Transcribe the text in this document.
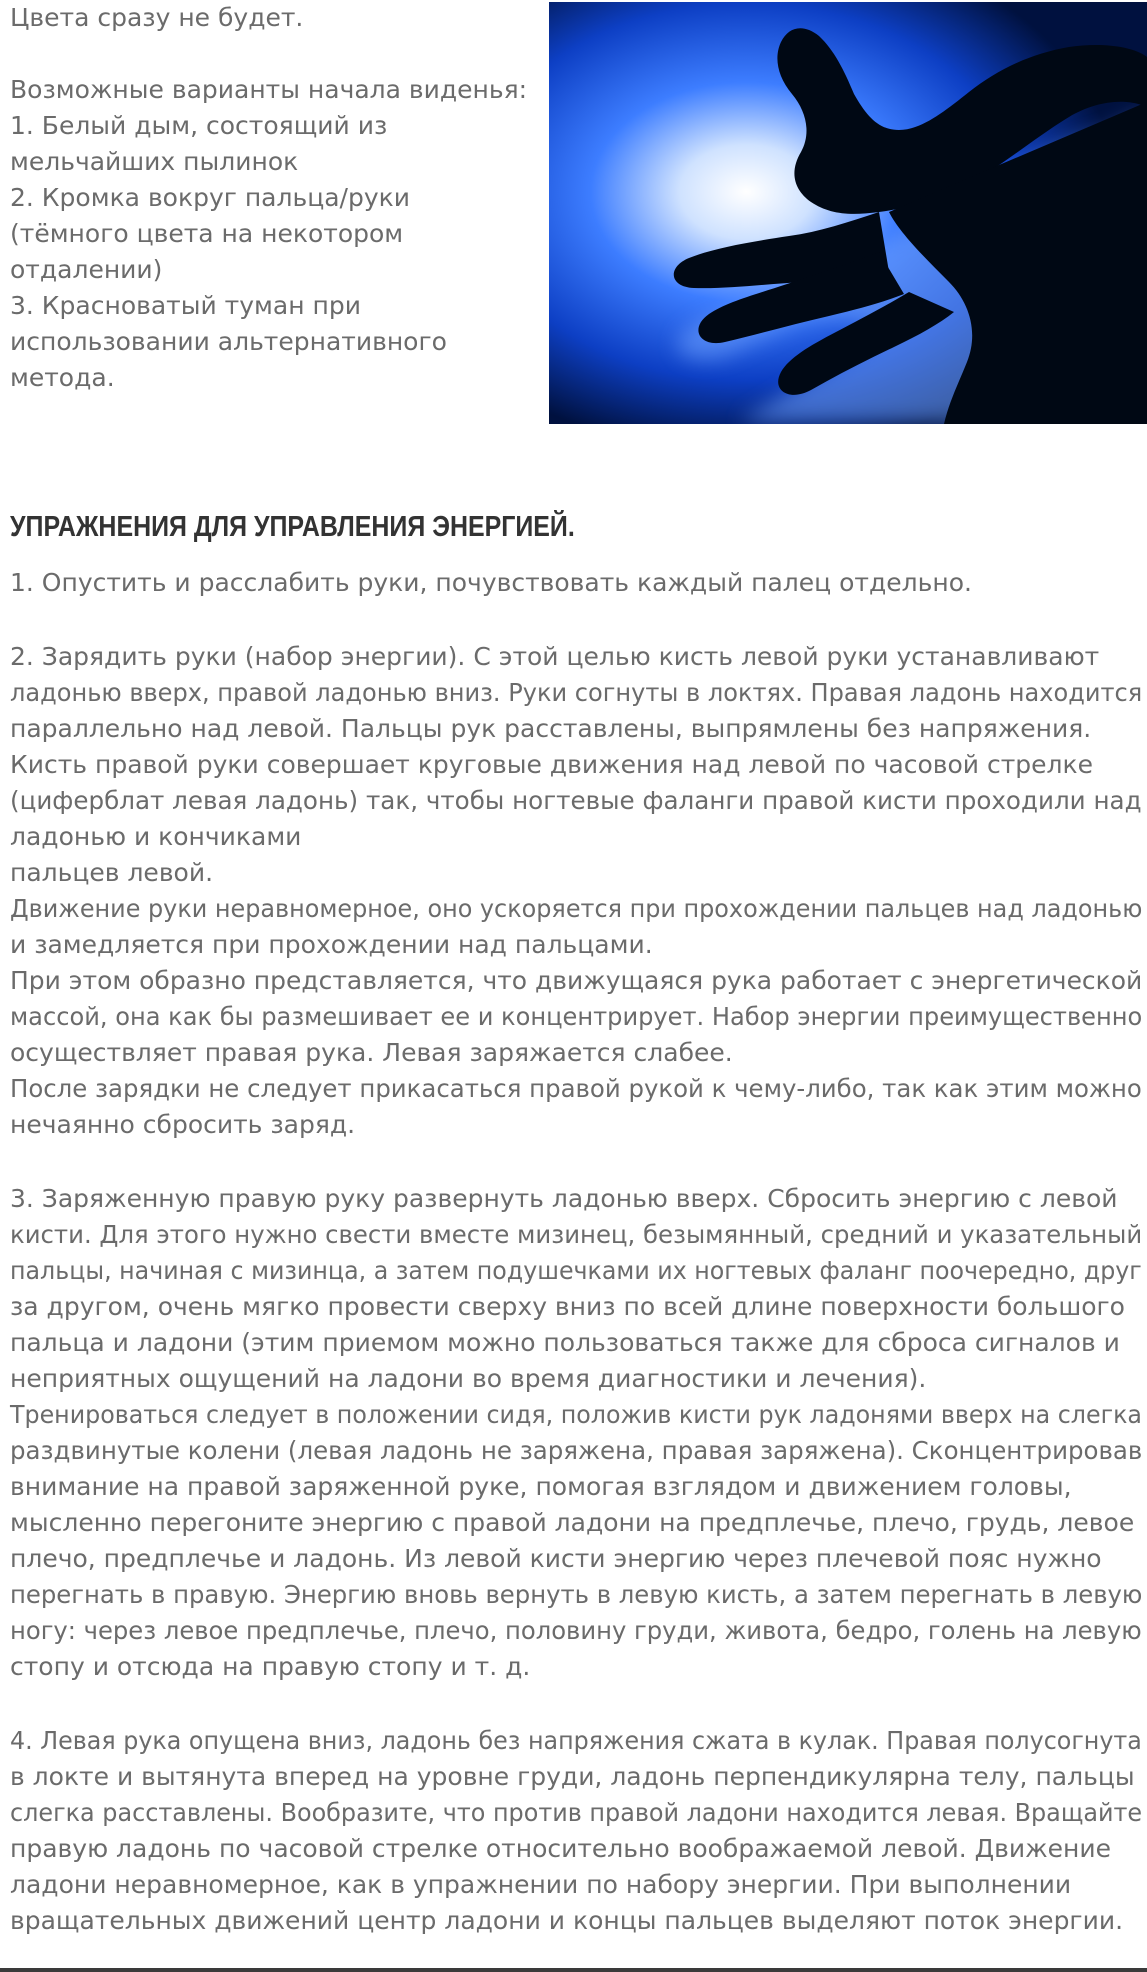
Цвета сразу не будет.

Возможные варианты начала виденья:

1. Белый дым, состоящий из

мельчайших пылинок

2. Кромка вокруг пальца/руки

(тёмного цвета на некотором

отдалении)

3. Красноватый туман при

использовании альтернативного

метода.

УПРАЖНЕНИЯ ДЛЯ УПРАВЛЕНИЯ ЭНЕРГИЕЙ.
1. Опустить и расслабить руки, почувствовать каждый палец отдельно.
2. Зарядить руки (набор энергии). С этой целью кисть левой руки устанавливают
ладонью вверх, правой ладонью вниз. Руки согнуты в локтях. Правая ладонь находится
параллельно над левой. Пальцы рук расставлены, выпрямлены без напряжения.
Кисть правой руки совершает круговые движения над левой по часовой стрелке
(циферблат левая ладонь) так, чтобы ногтевые фаланги правой кисти проходили над
ладонью и кончиками
пальцев левой.
Движение руки неравномерное, оно ускоряется при прохождении пальцев над ладонью
и замедляется при прохождении над пальцами.
При этом образно представляется, что движущаяся рука работает с энергетической
массой, она как бы размешивает ее и концентрирует. Набор энергии преимущественно
осуществляет правая рука. Левая заряжается слабее.
После зарядки не следует прикасаться правой рукой к чему-либо, так как этим можно
нечаянно сбросить заряд.
3. Заряженную правую руку развернуть ладонью вверх. Сбросить энергию с левой
кисти. Для этого нужно свести вместе мизинец, безымянный, средний и указательный
пальцы, начиная с мизинца, а затем подушечками их ногтевых фаланг поочередно, друг
за другом, очень мягко провести сверху вниз по всей длине поверхности большого
пальца и ладони (этим приемом можно пользоваться также для сброса сигналов и
неприятных ощущений на ладони во время диагностики и лечения).
Тренироваться следует в положении сидя, положив кисти рук ладонями вверх на слегка
раздвинутые колени (левая ладонь не заряжена, правая заряжена). Сконцентрировав
внимание на правой заряженной руке, помогая взглядом и движением головы,
мысленно перегоните энергию с правой ладони на предплечье, плечо, грудь, левое
плечо, предплечье и ладонь. Из левой кисти энергию через плечевой пояс нужно
перегнать в правую. Энергию вновь вернуть в левую кисть, а затем перегнать в левую
ногу: через левое предплечье, плечо, половину груди, живота, бедро, голень на левую
стопу и отсюда на правую стопу и т. д.
4. Левая рука опущена вниз, ладонь без напряжения сжата в кулак. Правая полусогнута
в локте и вытянута вперед на уровне груди, ладонь перпендикулярна телу, пальцы
слегка расставлены. Вообразите, что против правой ладони находится левая. Вращайте
правую ладонь по часовой стрелке относительно воображаемой левой. Движение
ладони неравномерное, как в упражнении по набору энергии. При выполнении
вращательных движений центр ладони и концы пальцев выделяют поток энергии.
